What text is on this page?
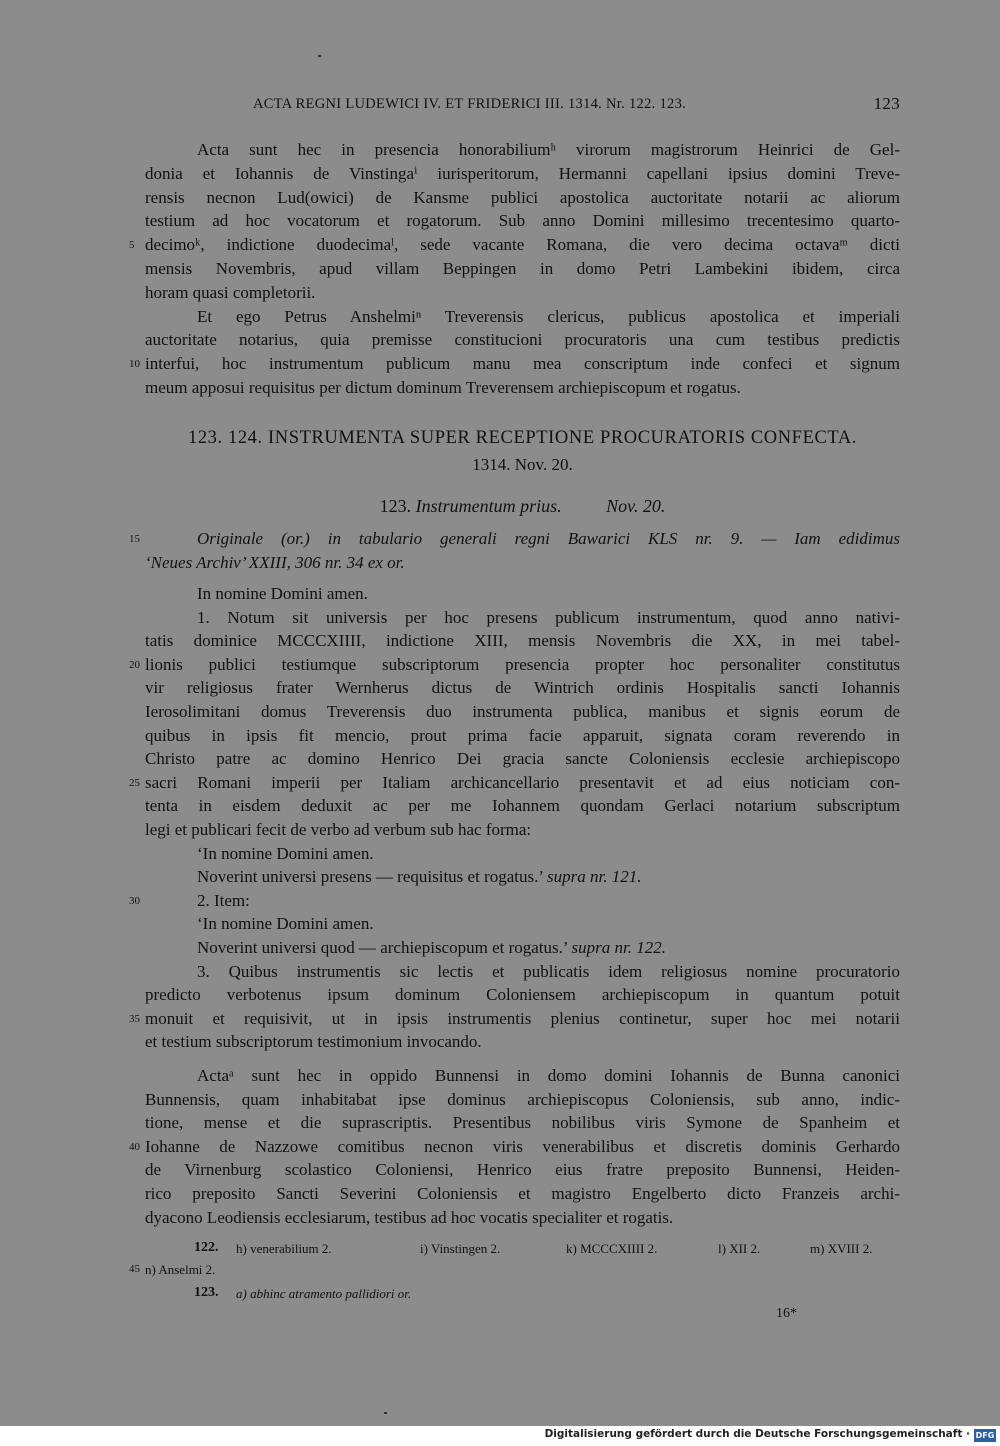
ACTA REGNI LUDEWICI IV. ET FRIDERICI III. 1314. Nr. 122. 123.	123
Acta sunt hec in presencia honorabiliumʰ virorum magistrorum Heinrici de Gel-
donia et Iohannis de Vinstingaⁱ iurisperitorum, Hermanni capellani ipsius domini Treve-
rensis necnon Lud(owici) de Kansme publici apostolica auctoritate notarii ac aliorum
testium ad hoc vocatorum et rogatorum. Sub anno Domini millesimo trecentesimo quarto-
decimoᵏ, indictione duodecimaˡ, sede vacante Romana, die vero decima octavaᵐ dicti
5
mensis Novembris, apud villam Beppingen in domo Petri Lambekini ibidem, circa
horam quasi completorii.
Et ego Petrus Anshelmiⁿ Treverensis clericus, publicus apostolica et imperiali
auctoritate notarius, quia premisse constitucioni procuratoris una cum testibus predictis
interfui, hoc instrumentum publicum manu mea conscriptum inde confeci et signum
10
meum apposui requisitus per dictum dominum Treverensem archiepiscopum et rogatus.
123. 124. INSTRUMENTA SUPER RECEPTIONE PROCURATORIS CONFECTA.
1314. Nov. 20.
123. Instrumentum prius. Nov. 20.
Originale (or.) in tabulario generali regni Bawarici KLS nr. 9. — Iam edidimus
15
‘Neues Archiv’ XXIII, 306 nr. 34 ex or.
In nomine Domini amen.
1. Notum sit universis per hoc presens publicum instrumentum, quod anno nativi-
tatis dominice MCCCXIIII, indictione XIII, mensis Novembris die XX, in mei tabel-
lionis publici testiumque subscriptorum presencia propter hoc personaliter constitutus
20
vir religiosus frater Wernherus dictus de Wintrich ordinis Hospitalis sancti Iohannis
Ierosolimitani domus Treverensis duo instrumenta publica, manibus et signis eorum de
quibus in ipsis fit mencio, prout prima facie apparuit, signata coram reverendo in
Christo patre ac domino Henrico Dei gracia sancte Coloniensis ecclesie archiepiscopo
sacri Romani imperii per Italiam archicancellario presentavit et ad eius noticiam con-
25
tenta in eisdem deduxit ac per me Iohannem quondam Gerlaci notarium subscriptum
legi et publicari fecit de verbo ad verbum sub hac forma:
‘In nomine Domini amen.
Noverint universi presens — requisitus et rogatus.’ supra nr. 121.
2. Item:
30
‘In nomine Domini amen.
Noverint universi quod — archiepiscopum et rogatus.’ supra nr. 122.
3. Quibus instrumentis sic lectis et publicatis idem religiosus nomine procuratorio
predicto verbotenus ipsum dominum Coloniensem archiepiscopum in quantum potuit
monuit et requisivit, ut in ipsis instrumentis plenius continetur, super hoc mei notarii
35
et testium subscriptorum testimonium invocando.
Actaᵃ sunt hec in oppido Bunnensi in domo domini Iohannis de Bunna canonici
Bunnensis, quam inhabitabat ipse dominus archiepiscopus Coloniensis, sub anno, indic-
tione, mense et die suprascriptis. Presentibus nobilibus viris Symone de Spanheim et
Iohanne de Nazzowe comitibus necnon viris venerabilibus et discretis dominis Gerhardo
40
de Virnenburg scolastico Coloniensi, Henrico eius fratre preposito Bunnensi, Heiden-
rico preposito Sancti Severini Coloniensis et magistro Engelberto dicto Franzeis archi-
dyacono Leodiensis ecclesiarum, testibus ad hoc vocatis specialiter et rogatis.
122. h) venerabilium 2.	i) Vinstingen 2.	k) MCCCXIIII 2.	l) XII 2.	m) XVIII 2.
45 n) Anselmi 2.
123. a) abhinc atramento pallidiori or.
16*
Digitalisierung gefördert durch die Deutsche Forschungsgemeinschaft · DFG
